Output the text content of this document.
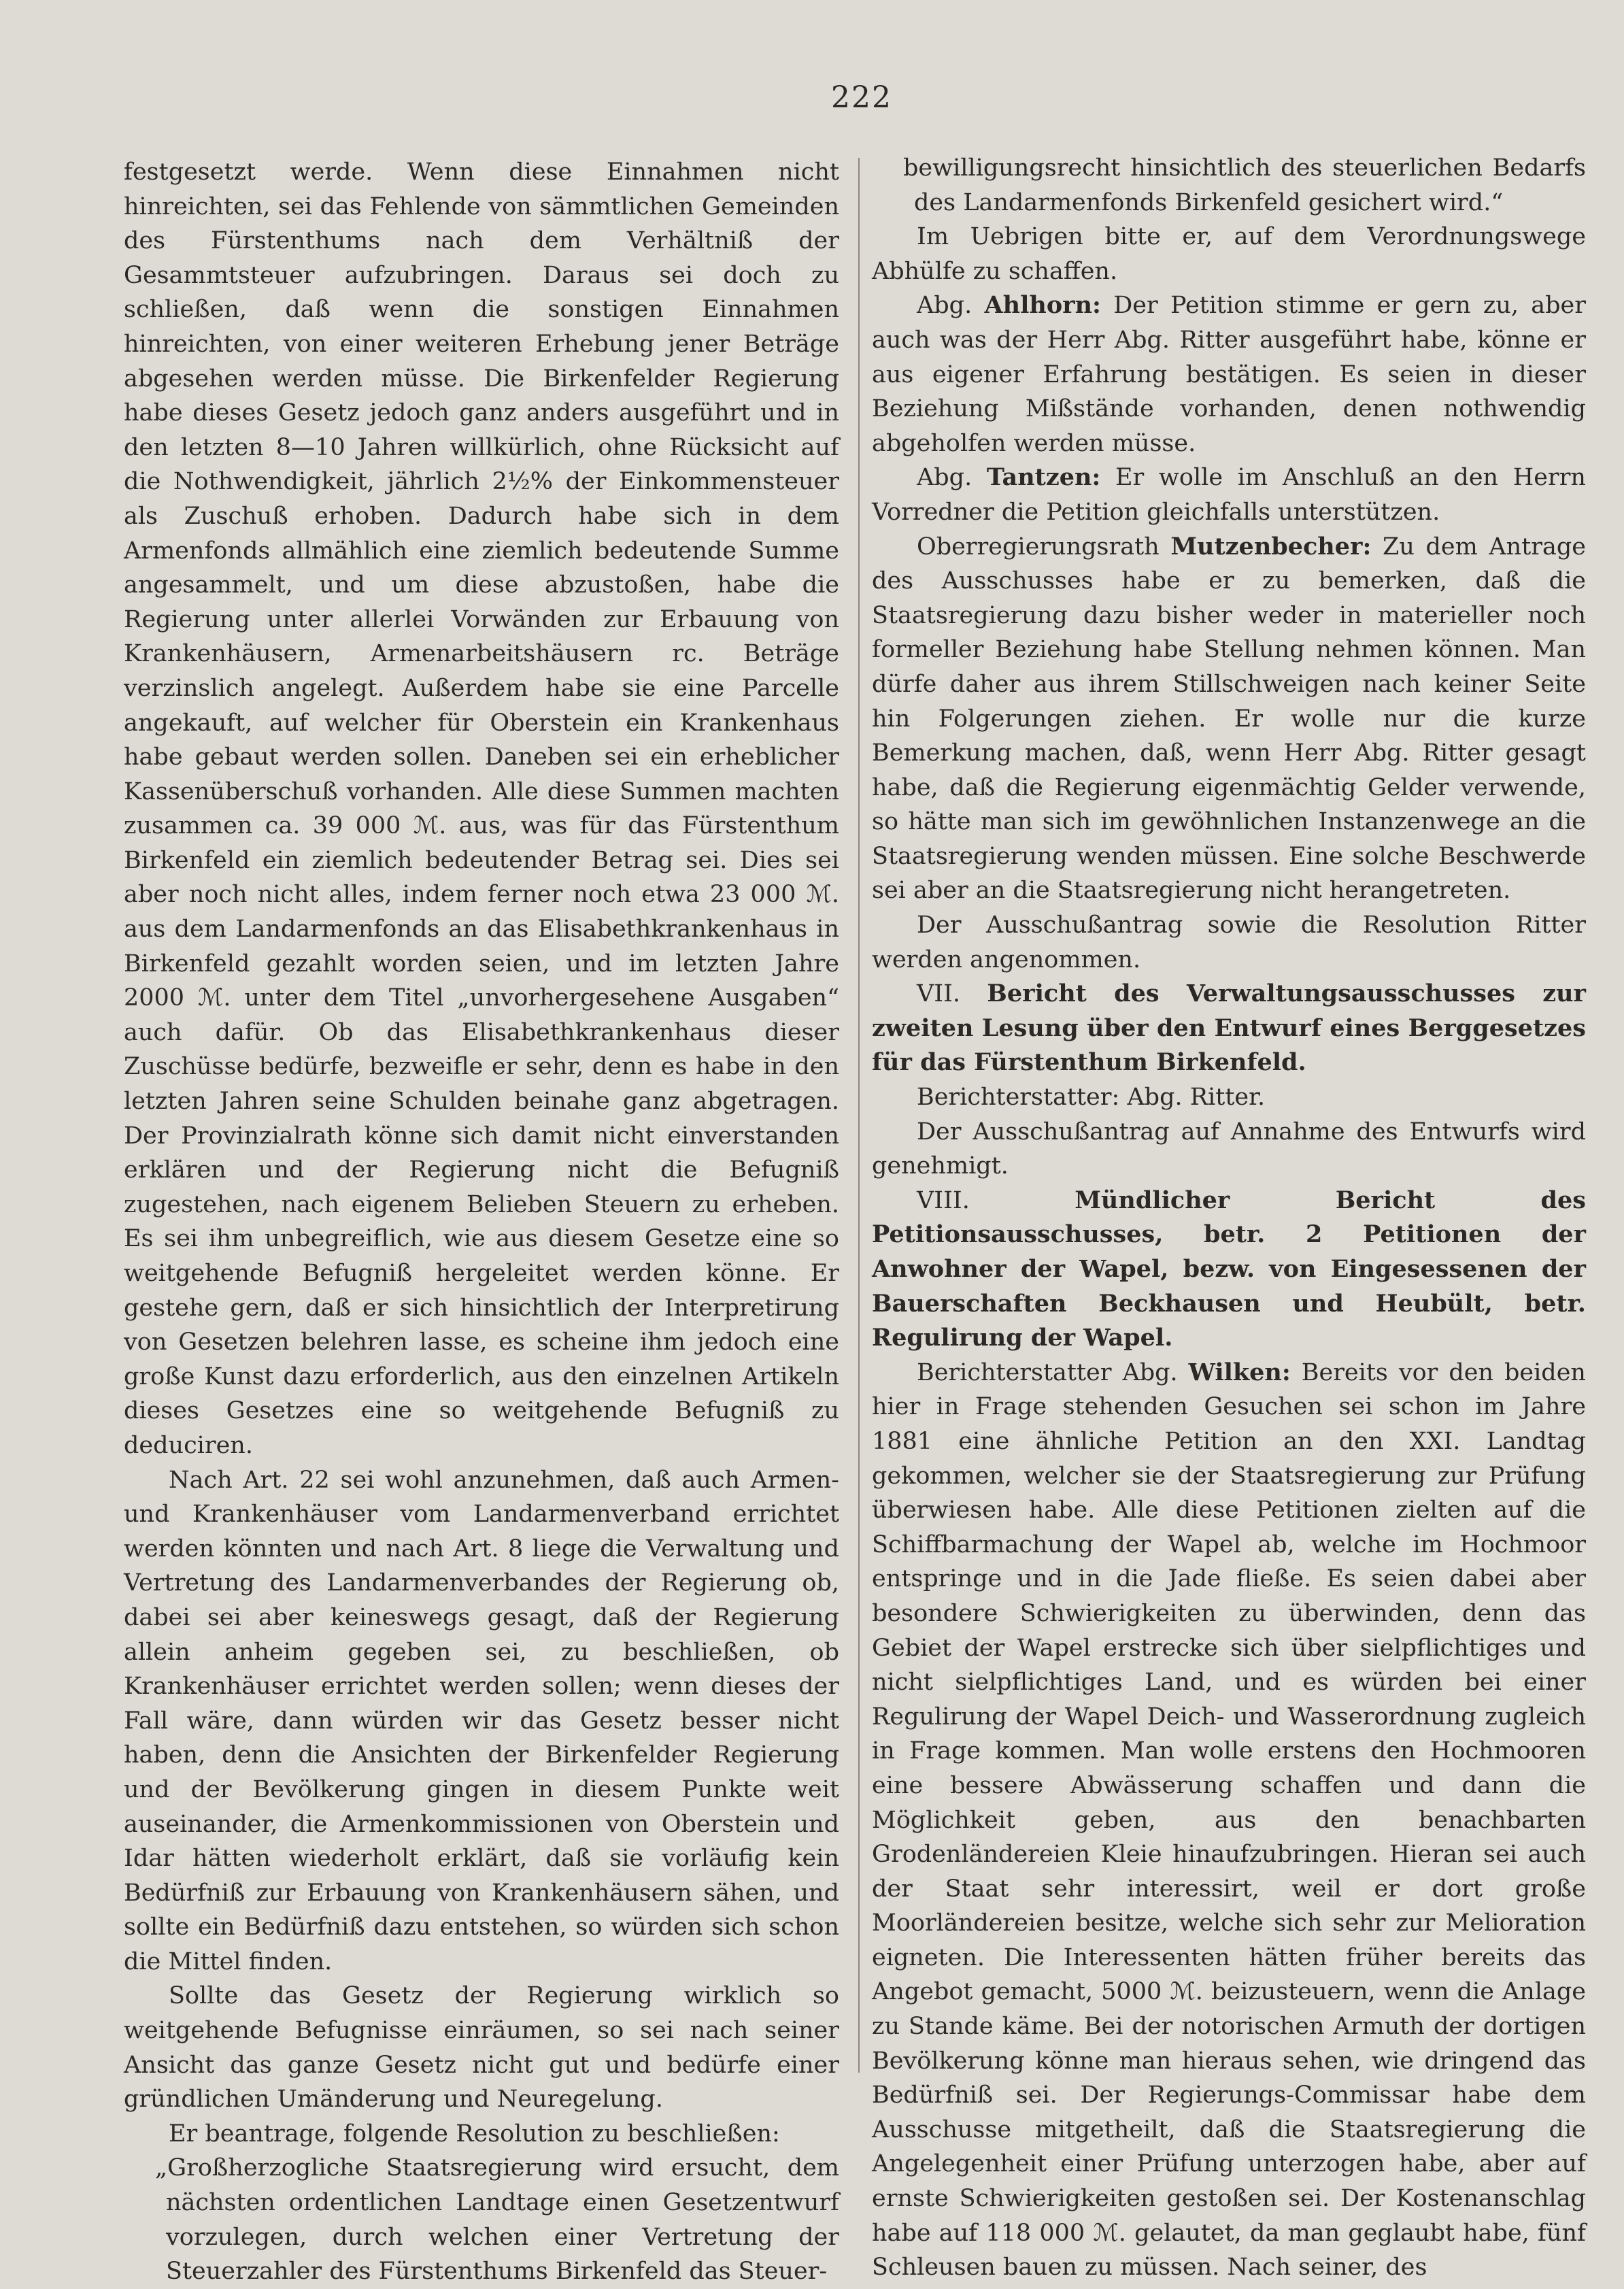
222

festgesetzt werde. Wenn diese Einnahmen nicht hinreichten, sei das Fehlende von sämmtlichen Gemeinden des Fürstenthums nach dem Verhältniß der Gesammtsteuer aufzubringen. Daraus sei doch zu schließen, daß wenn die sonstigen Einnahmen hinreichten, von einer weiteren Erhebung jener Beträge abgesehen werden müsse. Die Birkenfelder Regierung habe dieses Gesetz jedoch ganz anders ausgeführt und in den letzten 8—10 Jahren willkürlich, ohne Rücksicht auf die Nothwendigkeit, jährlich 2½% der Einkommensteuer als Zuschuß erhoben. Dadurch habe sich in dem Armenfonds allmählich eine ziemlich bedeutende Summe angesammelt, und um diese abzustoßen, habe die Regierung unter allerlei Vorwänden zur Erbauung von Krankenhäusern, Armenarbeitshäusern rc. Beträge verzinslich angelegt. Außerdem habe sie eine Parcelle angekauft, auf welcher für Oberstein ein Krankenhaus habe gebaut werden sollen. Daneben sei ein erheblicher Kassenüberschuß vorhanden. Alle diese Summen machten zusammen ca. 39 000 ℳ. aus, was für das Fürstenthum Birkenfeld ein ziemlich bedeutender Betrag sei. Dies sei aber noch nicht alles, indem ferner noch etwa 23 000 ℳ. aus dem Landarmenfonds an das Elisabethkrankenhaus in Birkenfeld gezahlt worden seien, und im letzten Jahre 2000 ℳ. unter dem Titel „unvorhergesehene Ausgaben“ auch dafür. Ob das Elisabethkrankenhaus dieser Zuschüsse bedürfe, bezweifle er sehr, denn es habe in den letzten Jahren seine Schulden beinahe ganz abgetragen. Der Provinzialrath könne sich damit nicht einverstanden erklären und der Regierung nicht die Befugniß zugestehen, nach eigenem Belieben Steuern zu erheben. Es sei ihm unbegreiflich, wie aus diesem Gesetze eine so weitgehende Befugniß hergeleitet werden könne. Er gestehe gern, daß er sich hinsichtlich der Interpretirung von Gesetzen belehren lasse, es scheine ihm jedoch eine große Kunst dazu erforderlich, aus den einzelnen Artikeln dieses Gesetzes eine so weitgehende Befugniß zu deduciren.

Nach Art. 22 sei wohl anzunehmen, daß auch Armen- und Krankenhäuser vom Landarmenverband errichtet werden könnten und nach Art. 8 liege die Verwaltung und Vertretung des Landarmenverbandes der Regierung ob, dabei sei aber keineswegs gesagt, daß der Regierung allein anheim gegeben sei, zu beschließen, ob Krankenhäuser errichtet werden sollen; wenn dieses der Fall wäre, dann würden wir das Gesetz besser nicht haben, denn die Ansichten der Birkenfelder Regierung und der Bevölkerung gingen in diesem Punkte weit auseinander, die Armenkommissionen von Oberstein und Idar hätten wiederholt erklärt, daß sie vorläufig kein Bedürfniß zur Erbauung von Krankenhäusern sähen, und sollte ein Bedürfniß dazu entstehen, so würden sich schon die Mittel finden.

Sollte das Gesetz der Regierung wirklich so weitgehende Befugnisse einräumen, so sei nach seiner Ansicht das ganze Gesetz nicht gut und bedürfe einer gründlichen Umänderung und Neuregelung.

Er beantrage, folgende Resolution zu beschließen:

„Großherzogliche Staatsregierung wird ersucht, dem nächsten ordentlichen Landtage einen Gesetzentwurf vorzulegen, durch welchen einer Vertretung der Steuerzahler des Fürstenthums Birkenfeld das Steuer-

bewilligungsrecht hinsichtlich des steuerlichen Bedarfs des Landarmenfonds Birkenfeld gesichert wird.“

Im Uebrigen bitte er, auf dem Verordnungswege Abhülfe zu schaffen.

Abg. Ahlhorn: Der Petition stimme er gern zu, aber auch was der Herr Abg. Ritter ausgeführt habe, könne er aus eigener Erfahrung bestätigen. Es seien in dieser Beziehung Mißstände vorhanden, denen nothwendig abgeholfen werden müsse.

Abg. Tantzen: Er wolle im Anschluß an den Herrn Vorredner die Petition gleichfalls unterstützen.

Oberregierungsrath Mutzenbecher: Zu dem Antrage des Ausschusses habe er zu bemerken, daß die Staatsregierung dazu bisher weder in materieller noch formeller Beziehung habe Stellung nehmen können. Man dürfe daher aus ihrem Stillschweigen nach keiner Seite hin Folgerungen ziehen. Er wolle nur die kurze Bemerkung machen, daß, wenn Herr Abg. Ritter gesagt habe, daß die Regierung eigenmächtig Gelder verwende, so hätte man sich im gewöhnlichen Instanzenwege an die Staatsregierung wenden müssen. Eine solche Beschwerde sei aber an die Staatsregierung nicht herangetreten.

Der Ausschußantrag sowie die Resolution Ritter werden angenommen.

VII. Bericht des Verwaltungsausschusses zur zweiten Lesung über den Entwurf eines Berggesetzes für das Fürstenthum Birkenfeld.

Berichterstatter: Abg. Ritter.

Der Ausschußantrag auf Annahme des Entwurfs wird genehmigt.

VIII.	Mündlicher Bericht des Petitionsausschusses, betr. 2 Petitionen der Anwohner der Wapel, bezw. von Eingesessenen der Bauerschaften Beckhausen und Heubült, betr. Regulirung der Wapel.

Berichterstatter Abg. Wilken: Bereits vor den beiden hier in Frage stehenden Gesuchen sei schon im Jahre 1881 eine ähnliche Petition an den XXI. Landtag gekommen, welcher sie der Staatsregierung zur Prüfung überwiesen habe. Alle diese Petitionen zielten auf die Schiffbarmachung der Wapel ab, welche im Hochmoor entspringe und in die Jade fließe. Es seien dabei aber besondere Schwierigkeiten zu überwinden, denn das Gebiet der Wapel erstrecke sich über sielpflichtiges und nicht sielpflichtiges Land, und es würden bei einer Regulirung der Wapel Deich- und Wasserordnung zugleich in Frage kommen. Man wolle erstens den Hochmooren eine bessere Abwässerung schaffen und dann die Möglichkeit geben, aus den benachbarten Grodenländereien Kleie hinaufzubringen. Hieran sei auch der Staat sehr interessirt, weil er dort große Moorländereien besitze, welche sich sehr zur Melioration eigneten. Die Interessenten hätten früher bereits das Angebot gemacht, 5000 ℳ. beizusteuern, wenn die Anlage zu Stande käme. Bei der notorischen Armuth der dortigen Bevölkerung könne man hieraus sehen, wie dringend das Bedürfniß sei. Der Regierungs-Commissar habe dem Ausschusse mitgetheilt, daß die Staatsregierung die Angelegenheit einer Prüfung unterzogen habe, aber auf ernste Schwierigkeiten gestoßen sei. Der Kostenanschlag habe auf 118 000 ℳ. gelautet, da man geglaubt habe, fünf Schleusen bauen zu müssen. Nach seiner, des
